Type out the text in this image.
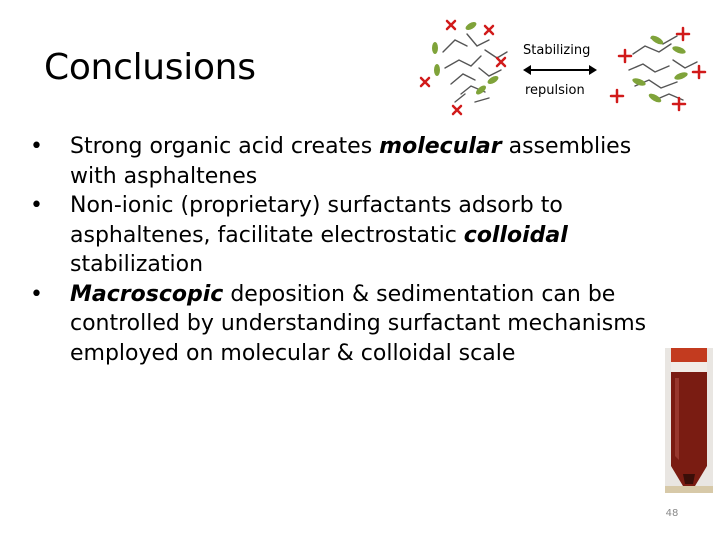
Conclusions	Stabilizing
repulsion
•	Strong organic acid creates molecular assemblies with asphaltenes
•	Non-ionic (proprietary) surfactants adsorb to asphaltenes, facilitate electrostatic colloidal stabilization
•	Macroscopic deposition & sedimentation can be controlled by understanding surfactant mechanisms employed on molecular & colloidal scale
48
